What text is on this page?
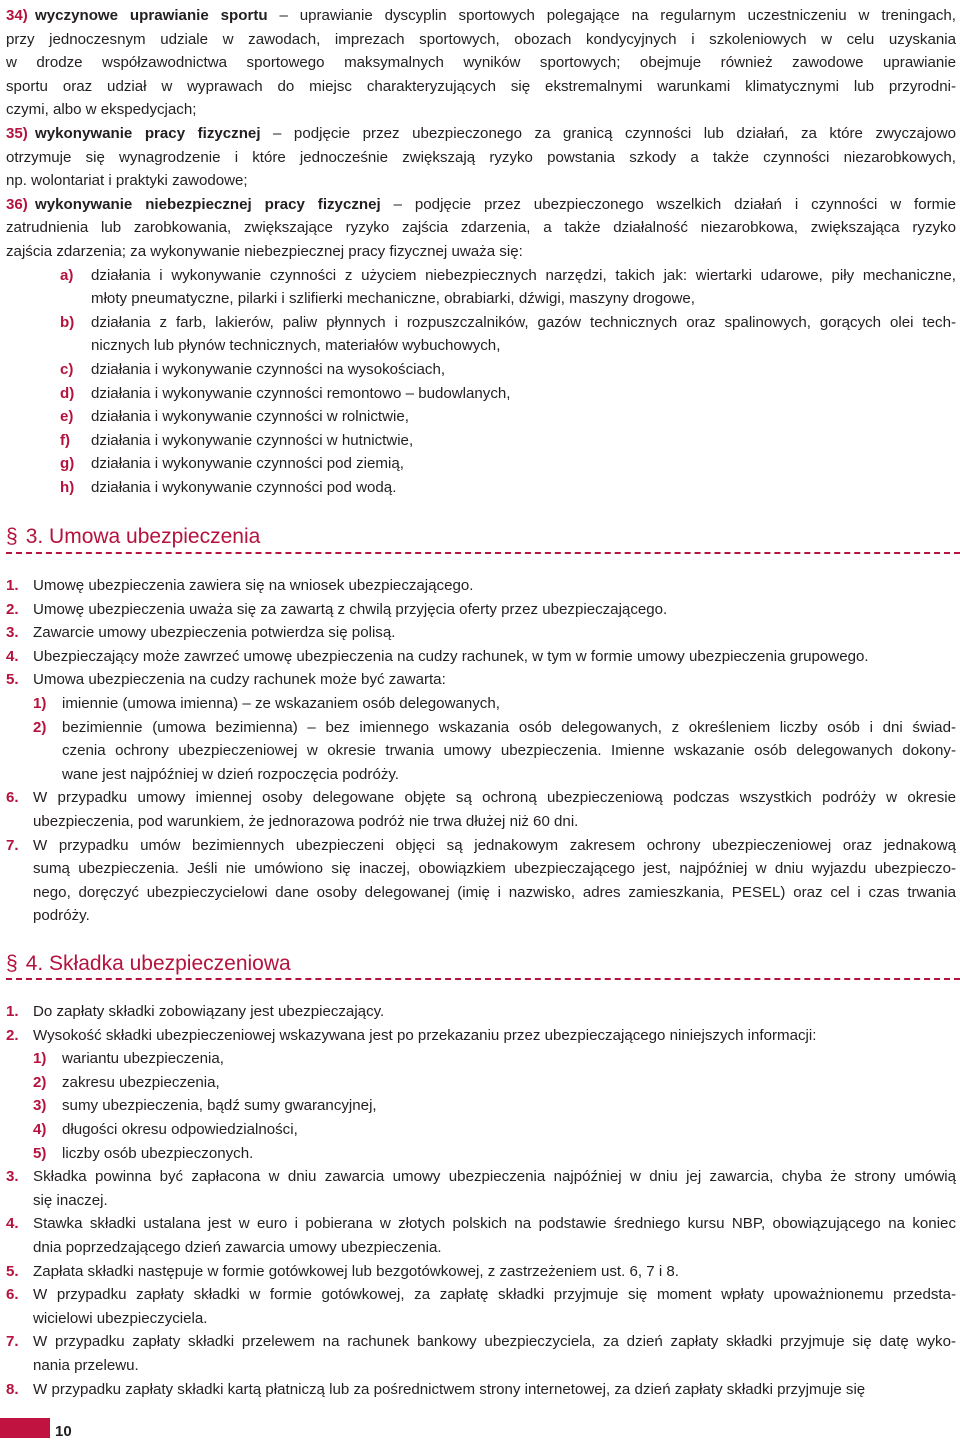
34) wyczynowe uprawianie sportu – uprawianie dyscyplin sportowych polegające na regularnym uczestniczeniu w treningach,
przy jednoczesnym udziale w zawodach, imprezach sportowych, obozach kondycyjnych i szkoleniowych w celu uzyskania
w drodze współzawodnictwa sportowego maksymalnych wyników sportowych; obejmuje również zawodowe uprawianie
sportu oraz udział w wyprawach do miejsc charakteryzujących się ekstremalnymi warunkami klimatycznymi lub przyrodni-
czymi, albo w ekspedycjach;
35) wykonywanie pracy fizycznej – podjęcie przez ubezpieczonego za granicą czynności lub działań, za które zwyczajowo
otrzymuje się wynagrodzenie i które jednocześnie zwiększają ryzyko powstania szkody a także czynności niezarobkowych,
np. wolontariat i praktyki zawodowe;
36) wykonywanie niebezpiecznej pracy fizycznej – podjęcie przez ubezpieczonego wszelkich działań i czynności w formie
zatrudnienia lub zarobkowania, zwiększające ryzyko zajścia zdarzenia, a także działalność niezarobkowa, zwiększająca ryzyko
zajścia zdarzenia; za wykonywanie niebezpiecznej pracy fizycznej uważa się:
a) działania i wykonywanie czynności z użyciem niebezpiecznych narzędzi, takich jak: wiertarki udarowe, piły mechaniczne,
młoty pneumatyczne, pilarki i szlifierki mechaniczne, obrabiarki, dźwigi, maszyny drogowe,
b) działania z farb, lakierów, paliw płynnych i rozpuszczalników, gazów technicznych oraz spalinowych, gorących olei tech-
nicznych lub płynów technicznych, materiałów wybuchowych,
c) działania i wykonywanie czynności na wysokościach,
d) działania i wykonywanie czynności remontowo – budowlanych,
e) działania i wykonywanie czynności w rolnictwie,
f) działania i wykonywanie czynności w hutnictwie,
g) działania i wykonywanie czynności pod ziemią,
h) działania i wykonywanie czynności pod wodą.
§ 3. Umowa ubezpieczenia
1. Umowę ubezpieczenia zawiera się na wniosek ubezpieczającego.
2. Umowę ubezpieczenia uważa się za zawartą z chwilą przyjęcia oferty przez ubezpieczającego.
3. Zawarcie umowy ubezpieczenia potwierdza się polisą.
4. Ubezpieczający może zawrzeć umowę ubezpieczenia na cudzy rachunek, w tym w formie umowy ubezpieczenia grupowego.
5. Umowa ubezpieczenia na cudzy rachunek może być zawarta:
1) imiennie (umowa imienna) – ze wskazaniem osób delegowanych,
2) bezimiennie (umowa bezimienna) – bez imiennego wskazania osób delegowanych, z określeniem liczby osób i dni świad-
czenia ochrony ubezpieczeniowej w okresie trwania umowy ubezpieczenia. Imienne wskazanie osób delegowanych dokony-
wane jest najpóźniej w dzień rozpoczęcia podróży.
6. W przypadku umowy imiennej osoby delegowane objęte są ochroną ubezpieczeniową podczas wszystkich podróży w okresie
ubezpieczenia, pod warunkiem, że jednorazowa podróż nie trwa dłużej niż 60 dni.
7. W przypadku umów bezimiennych ubezpieczeni objęci są jednakowym zakresem ochrony ubezpieczeniowej oraz jednakową
sumą ubezpieczenia. Jeśli nie umówiono się inaczej, obowiązkiem ubezpieczającego jest, najpóźniej w dniu wyjazdu ubezpieczo-
nego, doręczyć ubezpieczycielowi dane osoby delegowanej (imię i nazwisko, adres zamieszkania, PESEL) oraz cel i czas trwania
podróży.
§ 4. Składka ubezpieczeniowa
1. Do zapłaty składki zobowiązany jest ubezpieczający.
2. Wysokość składki ubezpieczeniowej wskazywana jest po przekazaniu przez ubezpieczającego niniejszych informacji:
1) wariantu ubezpieczenia,
2) zakresu ubezpieczenia,
3) sumy ubezpieczenia, bądź sumy gwarancyjnej,
4) długości okresu odpowiedzialności,
5) liczby osób ubezpieczonych.
3. Składka powinna być zapłacona w dniu zawarcia umowy ubezpieczenia najpóźniej w dniu jej zawarcia, chyba że strony umówią
się inaczej.
4. Stawka składki ustalana jest w euro i pobierana w złotych polskich na podstawie średniego kursu NBP, obowiązującego na koniec
dnia poprzedzającego dzień zawarcia umowy ubezpieczenia.
5. Zapłata składki następuje w formie gotówkowej lub bezgotówkowej, z zastrzeżeniem ust. 6, 7 i 8.
6. W przypadku zapłaty składki w formie gotówkowej, za zapłatę składki przyjmuje się moment wpłaty upoważnionemu przedsta-
wicielowi ubezpieczyciela.
7. W przypadku zapłaty składki przelewem na rachunek bankowy ubezpieczyciela, za dzień zapłaty składki przyjmuje się datę wyko-
nania przelewu.
8. W przypadku zapłaty składki kartą płatniczą lub za pośrednictwem strony internetowej, za dzień zapłaty składki przyjmuje się
10
